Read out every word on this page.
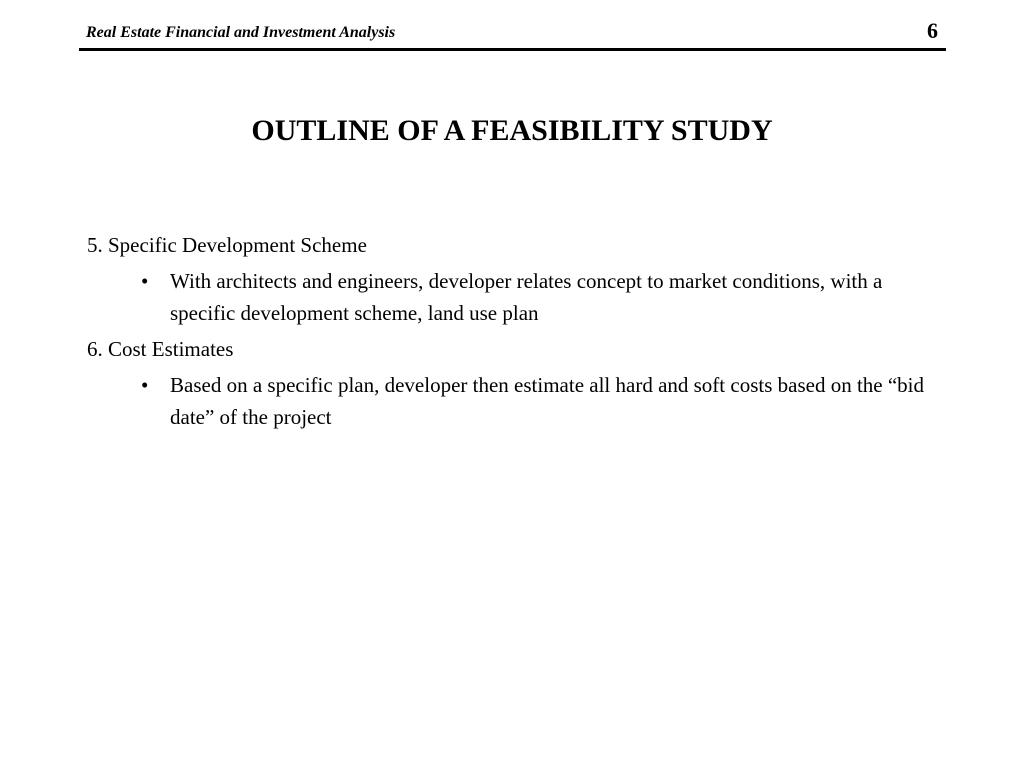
Real Estate Financial and Investment Analysis	6
OUTLINE OF A FEASIBILITY STUDY

5. Specific Development Scheme

• With architects and engineers, developer relates concept to market conditions, with a specific development scheme, land use plan

6. Cost Estimates

• Based on a specific plan, developer then estimate all hard and soft costs based on the “bid date” of the project
